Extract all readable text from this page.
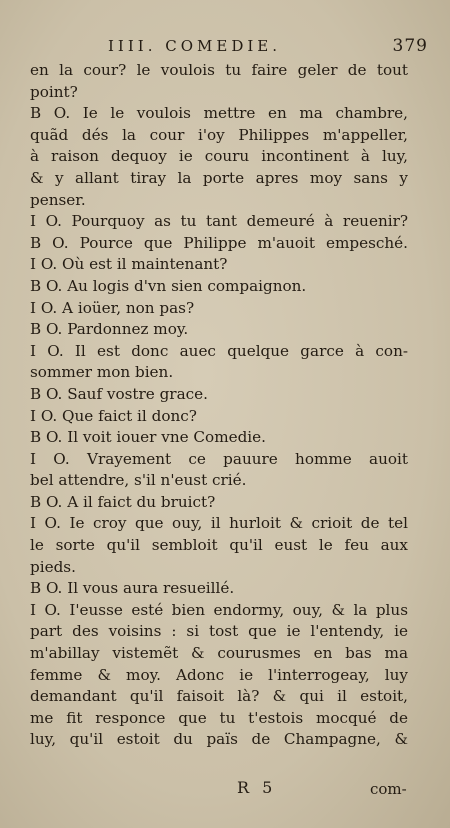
IIII. COMEDIE.	379
en la cour? le voulois tu faire geler de tout
point?
B O. Ie le voulois mettre en ma chambre,
quãd dés la cour i'oy Philippes m'appeller,
à raison dequoy ie couru incontinent à luy,
& y allant tiray la porte apres moy sans y
penser.
I O. Pourquoy as tu tant demeuré à reuenir?
B O. Pource que Philippe m'auoit empesché.
I O. Où est il maintenant?
B O. Au logis d'vn sien compaignon.
I O. A ioüer, non pas?
B O. Pardonnez moy.
I O. Il est donc auec quelque garce à con-
sommer mon bien.
B O. Sauf vostre grace.
I O. Que faict il donc?
B O. Il voit iouer vne Comedie.
I O. Vrayement ce pauure homme auoit
bel attendre, s'il n'eust crié.
B O. A il faict du bruict?
I O. Ie croy que ouy, il hurloit & crioit de tel
le sorte qu'il sembloit qu'il eust le feu aux
pieds.
B O. Il vous aura resueillé.
I O. I'eusse esté bien endormy, ouy, & la plus
part des voisins : si tost que ie l'entendy, ie
m'abillay vistemẽt & courusmes en bas ma
femme & moy. Adonc ie l'interrogeay, luy
demandant qu'il faisoit là? & qui il estoit,
me fit responce que tu t'estois mocqué de
luy, qu'il estoit du païs de Champagne, &
R 5	com-
